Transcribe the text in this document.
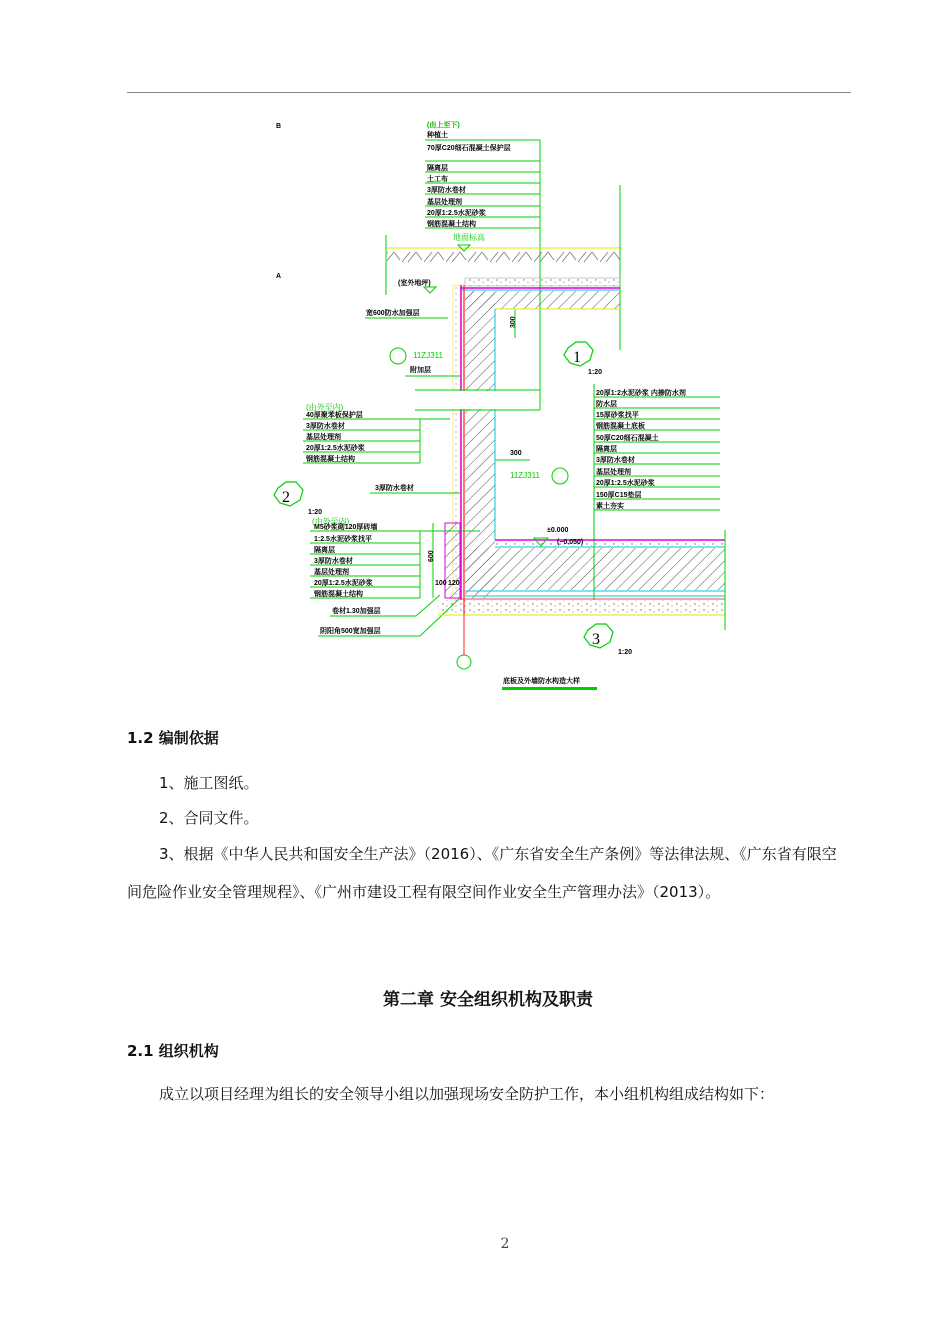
B
A
(由上至下)
种植土
70厚C20细石混凝土保护层
隔离层
土工布
3厚防水卷材
基层处理剂
20厚1:2.5水泥砂浆
钢筋混凝土结构
地面标高
(室外地坪)
宽600防水加强层
11ZJ311
附加层
3厚防水卷材
300
300
11ZJ311
1
1:20
20厚1:2水泥砂浆 内掺防水剂
防水层
15厚砂浆找平
钢筋混凝土底板
50厚C20细石混凝土
隔离层
3厚防水卷材
基层处理剂
20厚1:2.5水泥砂浆
150厚C15垫层
素土夯实
(由外至内)
40厚聚苯板保护层
3厚防水卷材
基层处理剂
20厚1:2.5水泥砂浆
钢筋混凝土结构
2
1:20
(由外至内)
M5砂浆砌120厚砖墙
1:2.5水泥砂浆找平
隔离层
3厚防水卷材
基层处理剂
20厚1:2.5水泥砂浆
钢筋混凝土结构
卷材1.30加强层
阴阳角500宽加强层
600
100 120
±0.000
(−0.050)
3
1:20
底板及外墙防水构造大样
1.2 编制依据
1、施工图纸。
2、合同文件。
3、根据《中华人民共和国安全生产法》（2016）、《广东省安全生产条例》等法律法规、《广东省有限空间危险作业安全管理规程》、《广州市建设工程有限空间作业安全生产管理办法》（2013）。
第二章 安全组织机构及职责
2.1 组织机构
成立以项目经理为组长的安全领导小组以加强现场安全防护工作，本小组机构组成结构如下：
2
